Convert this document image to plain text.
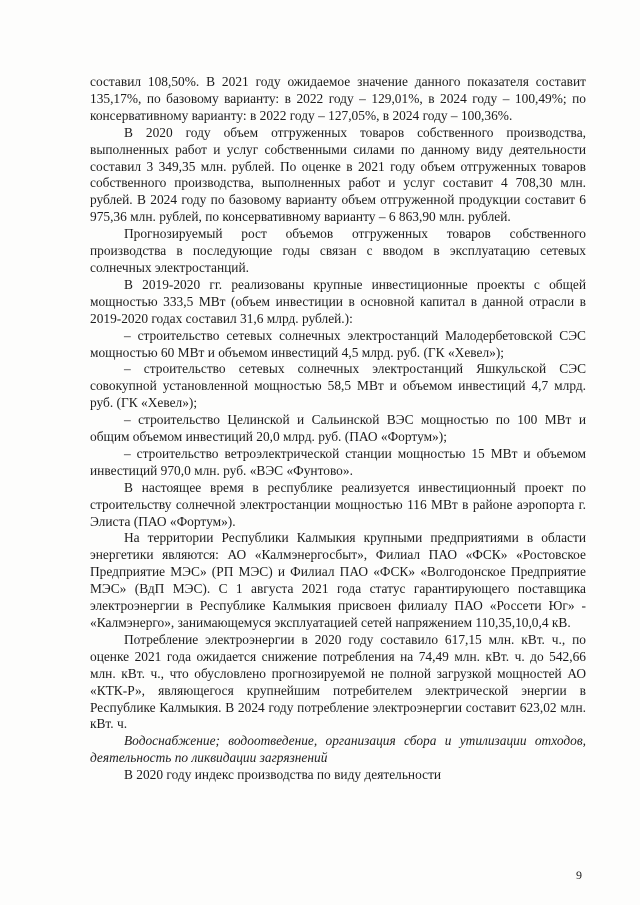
составил 108,50%. В 2021 году ожидаемое значение данного показателя составит 135,17%, по базовому варианту: в 2022 году – 129,01%, в 2024 году – 100,49%; по консервативному варианту: в 2022 году – 127,05%, в 2024 году – 100,36%.

В 2020 году объем отгруженных товаров собственного производства, выполненных работ и услуг собственными силами по данному виду деятельности составил 3 349,35 млн. рублей. По оценке в 2021 году объем отгруженных товаров собственного производства, выполненных работ и услуг составит 4 708,30 млн. рублей. В 2024 году по базовому варианту объем отгруженной продукции составит 6 975,36 млн. рублей, по консервативному варианту – 6 863,90 млн. рублей.

Прогнозируемый рост объемов отгруженных товаров собственного производства в последующие годы связан с вводом в эксплуатацию сетевых солнечных электростанций.

В 2019-2020 гг. реализованы крупные инвестиционные проекты с общей мощностью 333,5 МВт (объем инвестиции в основной капитал в данной отрасли в 2019-2020 годах составил 31,6 млрд. рублей.):

– строительство сетевых солнечных электростанций Малодербетовской СЭС мощностью 60 МВт и объемом инвестиций 4,5 млрд. руб. (ГК «Хевел»);

– строительство сетевых солнечных электростанций Яшкульской СЭС совокупной установленной мощностью 58,5 МВт и объемом инвестиций 4,7 млрд. руб. (ГК «Хевел»);

– строительство Целинской и Сальинской ВЭС мощностью по 100 МВт и общим объемом инвестиций 20,0 млрд. руб. (ПАО «Фортум»);

– строительство ветроэлектрической станции мощностью 15 МВт и объемом инвестиций 970,0 млн. руб. «ВЭС «Фунтово».

В настоящее время в республике реализуется инвестиционный проект по строительству солнечной электростанции мощностью 116 МВт в районе аэропорта г. Элиста (ПАО «Фортум»).

На территории Республики Калмыкия крупными предприятиями в области энергетики являются: АО «Калмэнергосбыт», Филиал ПАО «ФСК» «Ростовское Предприятие МЭС» (РП МЭС) и Филиал ПАО «ФСК» «Волгодонское Предприятие МЭС» (ВдП МЭС). С 1 августа 2021 года статус гарантирующего поставщика электроэнергии в Республике Калмыкия присвоен филиалу ПАО «Россети Юг» - «Калмэнерго», занимающемуся эксплуатацией сетей напряжением 110,35,10,0,4 кВ.

Потребление электроэнергии в 2020 году составило 617,15 млн. кВт. ч., по оценке 2021 года ожидается снижение потребления на 74,49 млн. кВт. ч. до 542,66 млн. кВт. ч., что обусловлено прогнозируемой не полной загрузкой мощностей АО «КТК-Р», являющегося крупнейшим потребителем электрической энергии в Республике Калмыкия. В 2024 году потребление электроэнергии составит 623,02 млн. кВт. ч.

Водоснабжение; водоотведение, организация сбора и утилизации отходов, деятельность по ликвидации загрязнений

В 2020 году индекс производства по виду деятельности

9
